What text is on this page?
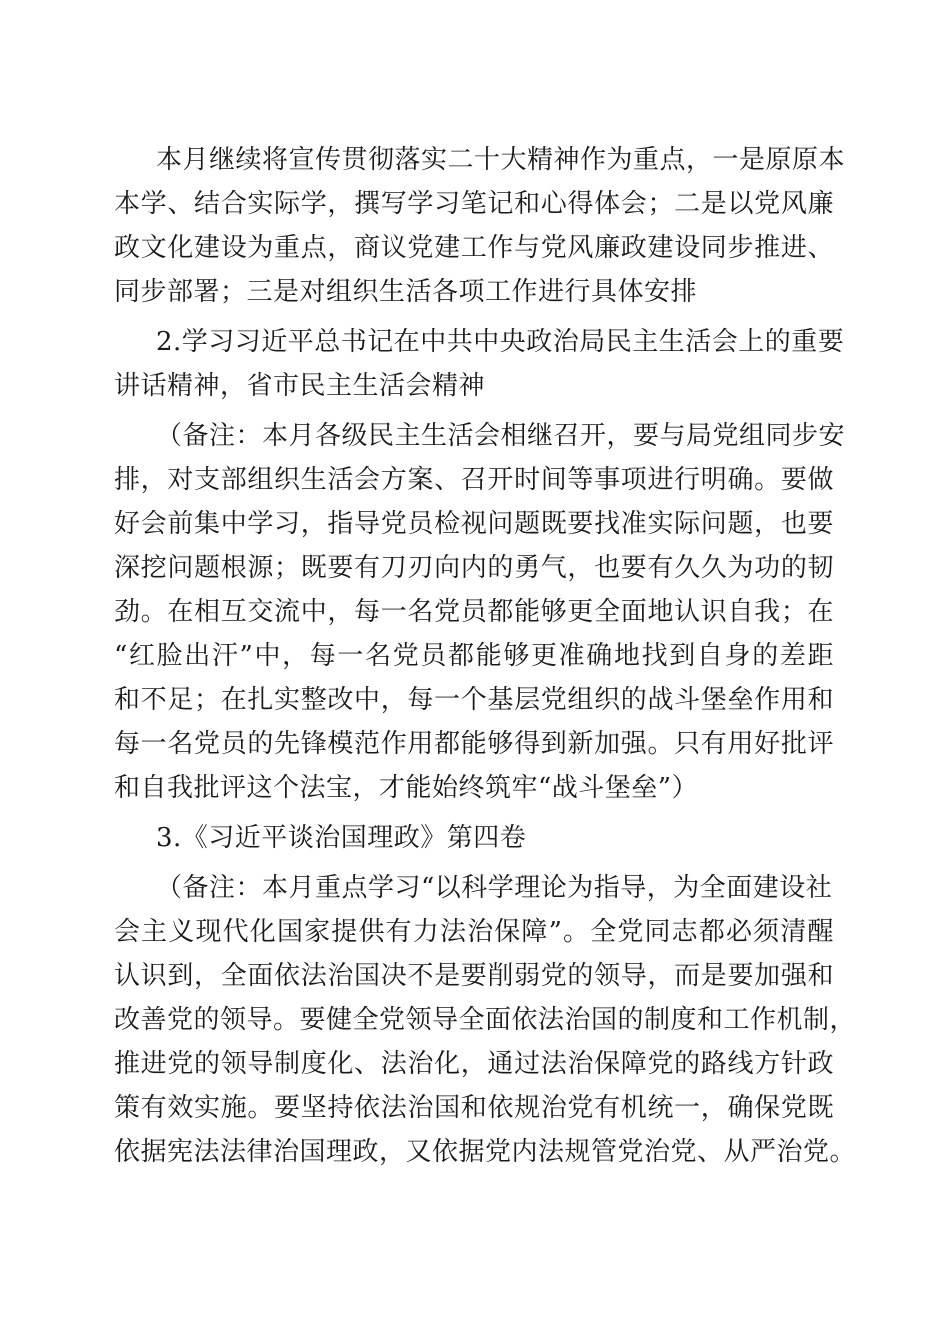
本月继续将宣传贯彻落实二十大精神作为重点，一是原原本
本学、结合实际学，撰写学习笔记和心得体会；二是以党风廉
政文化建设为重点，商议党建工作与党风廉政建设同步推进、
同步部署；三是对组织生活各项工作进行具体安排
2.学习习近平总书记在中共中央政治局民主生活会上的重要
讲话精神，省市民主生活会精神
（备注：本月各级民主生活会相继召开，要与局党组同步安
排，对支部组织生活会方案、召开时间等事项进行明确。要做
好会前集中学习，指导党员检视问题既要找准实际问题，也要
深挖问题根源；既要有刀刃向内的勇气，也要有久久为功的韧
劲。在相互交流中，每一名党员都能够更全面地认识自我；在
“红脸出汗”中，每一名党员都能够更准确地找到自身的差距
和不足；在扎实整改中，每一个基层党组织的战斗堡垒作用和
每一名党员的先锋模范作用都能够得到新加强。只有用好批评
和自我批评这个法宝，才能始终筑牢“战斗堡垒”）
3.《习近平谈治国理政》第四卷
（备注：本月重点学习“以科学理论为指导，为全面建设社
会主义现代化国家提供有力法治保障”。全党同志都必须清醒
认识到，全面依法治国决不是要削弱党的领导，而是要加强和
改善党的领导。要健全党领导全面依法治国的制度和工作机制，
推进党的领导制度化、法治化，通过法治保障党的路线方针政
策有效实施。要坚持依法治国和依规治党有机统一，确保党既
依据宪法法律治国理政，又依据党内法规管党治党、从严治党。
